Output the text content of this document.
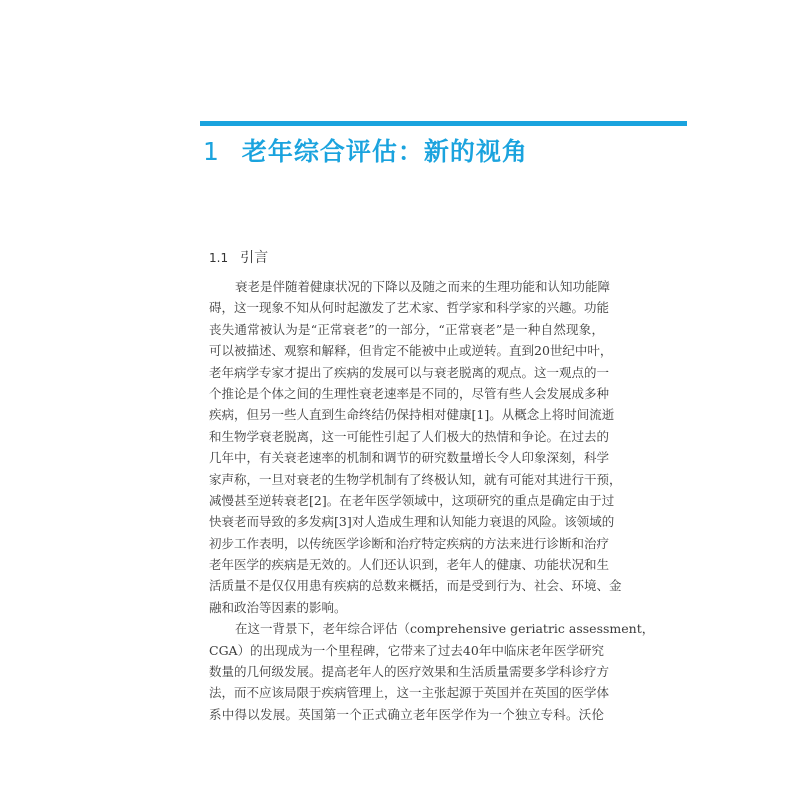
1 老年综合评估：新的视角
1.1 引言
衰老是伴随着健康状况的下降以及随之而来的生理功能和认知功能障
碍，这一现象不知从何时起激发了艺术家、哲学家和科学家的兴趣。功能
丧失通常被认为是“正常衰老”的一部分，“正常衰老”是一种自然现象，
可以被描述、观察和解释，但肯定不能被中止或逆转。直到20世纪中叶，
老年病学专家才提出了疾病的发展可以与衰老脱离的观点。这一观点的一
个推论是个体之间的生理性衰老速率是不同的，尽管有些人会发展成多种
疾病，但另一些人直到生命终结仍保持相对健康[1]。从概念上将时间流逝
和生物学衰老脱离，这一可能性引起了人们极大的热情和争论。在过去的
几年中，有关衰老速率的机制和调节的研究数量增长令人印象深刻，科学
家声称，一旦对衰老的生物学机制有了终极认知，就有可能对其进行干预，
减慢甚至逆转衰老[2]。在老年医学领域中，这项研究的重点是确定由于过
快衰老而导致的多发病[3]对人造成生理和认知能力衰退的风险。该领域的
初步工作表明，以传统医学诊断和治疗特定疾病的方法来进行诊断和治疗
老年医学的疾病是无效的。人们还认识到，老年人的健康、功能状况和生
活质量不是仅仅用患有疾病的总数来概括，而是受到行为、社会、环境、金
融和政治等因素的影响。
在这一背景下，老年综合评估（comprehensive geriatric assessment，
CGA）的出现成为一个里程碑，它带来了过去40年中临床老年医学研究
数量的几何级发展。提高老年人的医疗效果和生活质量需要多学科诊疗方
法，而不应该局限于疾病管理上，这一主张起源于英国并在英国的医学体
系中得以发展。英国第一个正式确立老年医学作为一个独立专科。沃伦
